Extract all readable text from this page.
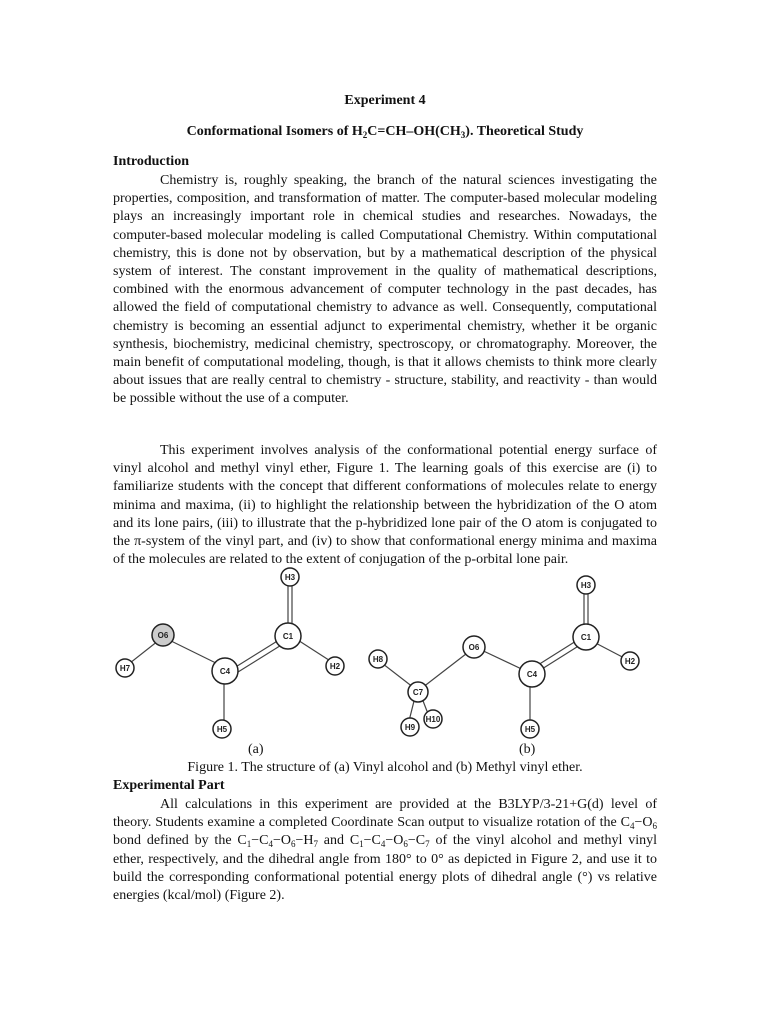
Experiment 4
Conformational Isomers of $H_2C=CH-OH(CH_3)$. Theoretical Study
Introduction

Chemistry is, roughly speaking, the branch of the natural sciences investigating the properties, composition, and transformation of matter. The computer-based molecular modeling plays an increasingly important role in chemical studies and researches. Nowadays, the computer-based molecular modeling is called Computational Chemistry. Within computational chemistry, this is done not by observation, but by a mathematical description of the physical system of interest. The constant improvement in the quality of mathematical descriptions, combined with the enormous advancement of computer technology in the past decades, has allowed the field of computational chemistry to advance as well. Consequently, computational chemistry is becoming an essential adjunct to experimental chemistry, whether it be organic synthesis, biochemistry, medicinal chemistry, spectroscopy, or chromatography. Moreover, the main benefit of computational modeling, though, is that it allows chemists to think more clearly about issues that are really central to chemistry - structure, stability, and reactivity - than would be possible without the use of a computer.

This experiment involves analysis of the conformational potential energy surface of vinyl alcohol and methyl vinyl ether, Figure 1. The learning goals of this exercise are (i) to familiarize students with the concept that different conformations of molecules relate to energy minima and maxima, (ii) to highlight the relationship between the hybridization of the O atom and its lone pairs, (iii) to illustrate that the p-hybridized lone pair of the O atom is conjugated to the π-system of the vinyl part, and (iv) to show that conformational energy minima and maxima of the molecules are related to the extent of conjugation of the p-orbital lone pair.

H3
O6	C1
H7	C4
H2
H5
H3
C1
O6
H8	H2
C4
C7
H10
H9	H5
(a)	(b)
Figure 1. The structure of (a) Vinyl alcohol and (b) Methyl vinyl ether.
Experimental Part

All calculations in this experiment are provided at the B3LYP/3-21+G(d) level of theory. Students examine a completed Coordinate Scan output to visualize rotation of the $C_4-O_6$ bond defined by the $C_1-C_4-O_6-H_7$ and $C_1-C_4-O_6-C_7$ of the vinyl alcohol and methyl vinyl ether, respectively, and the dihedral angle from 180° to 0° as depicted in Figure 2, and use it to build the corresponding conformational potential energy plots of dihedral angle (°) vs relative energies (kcal/mol) (Figure 2).
